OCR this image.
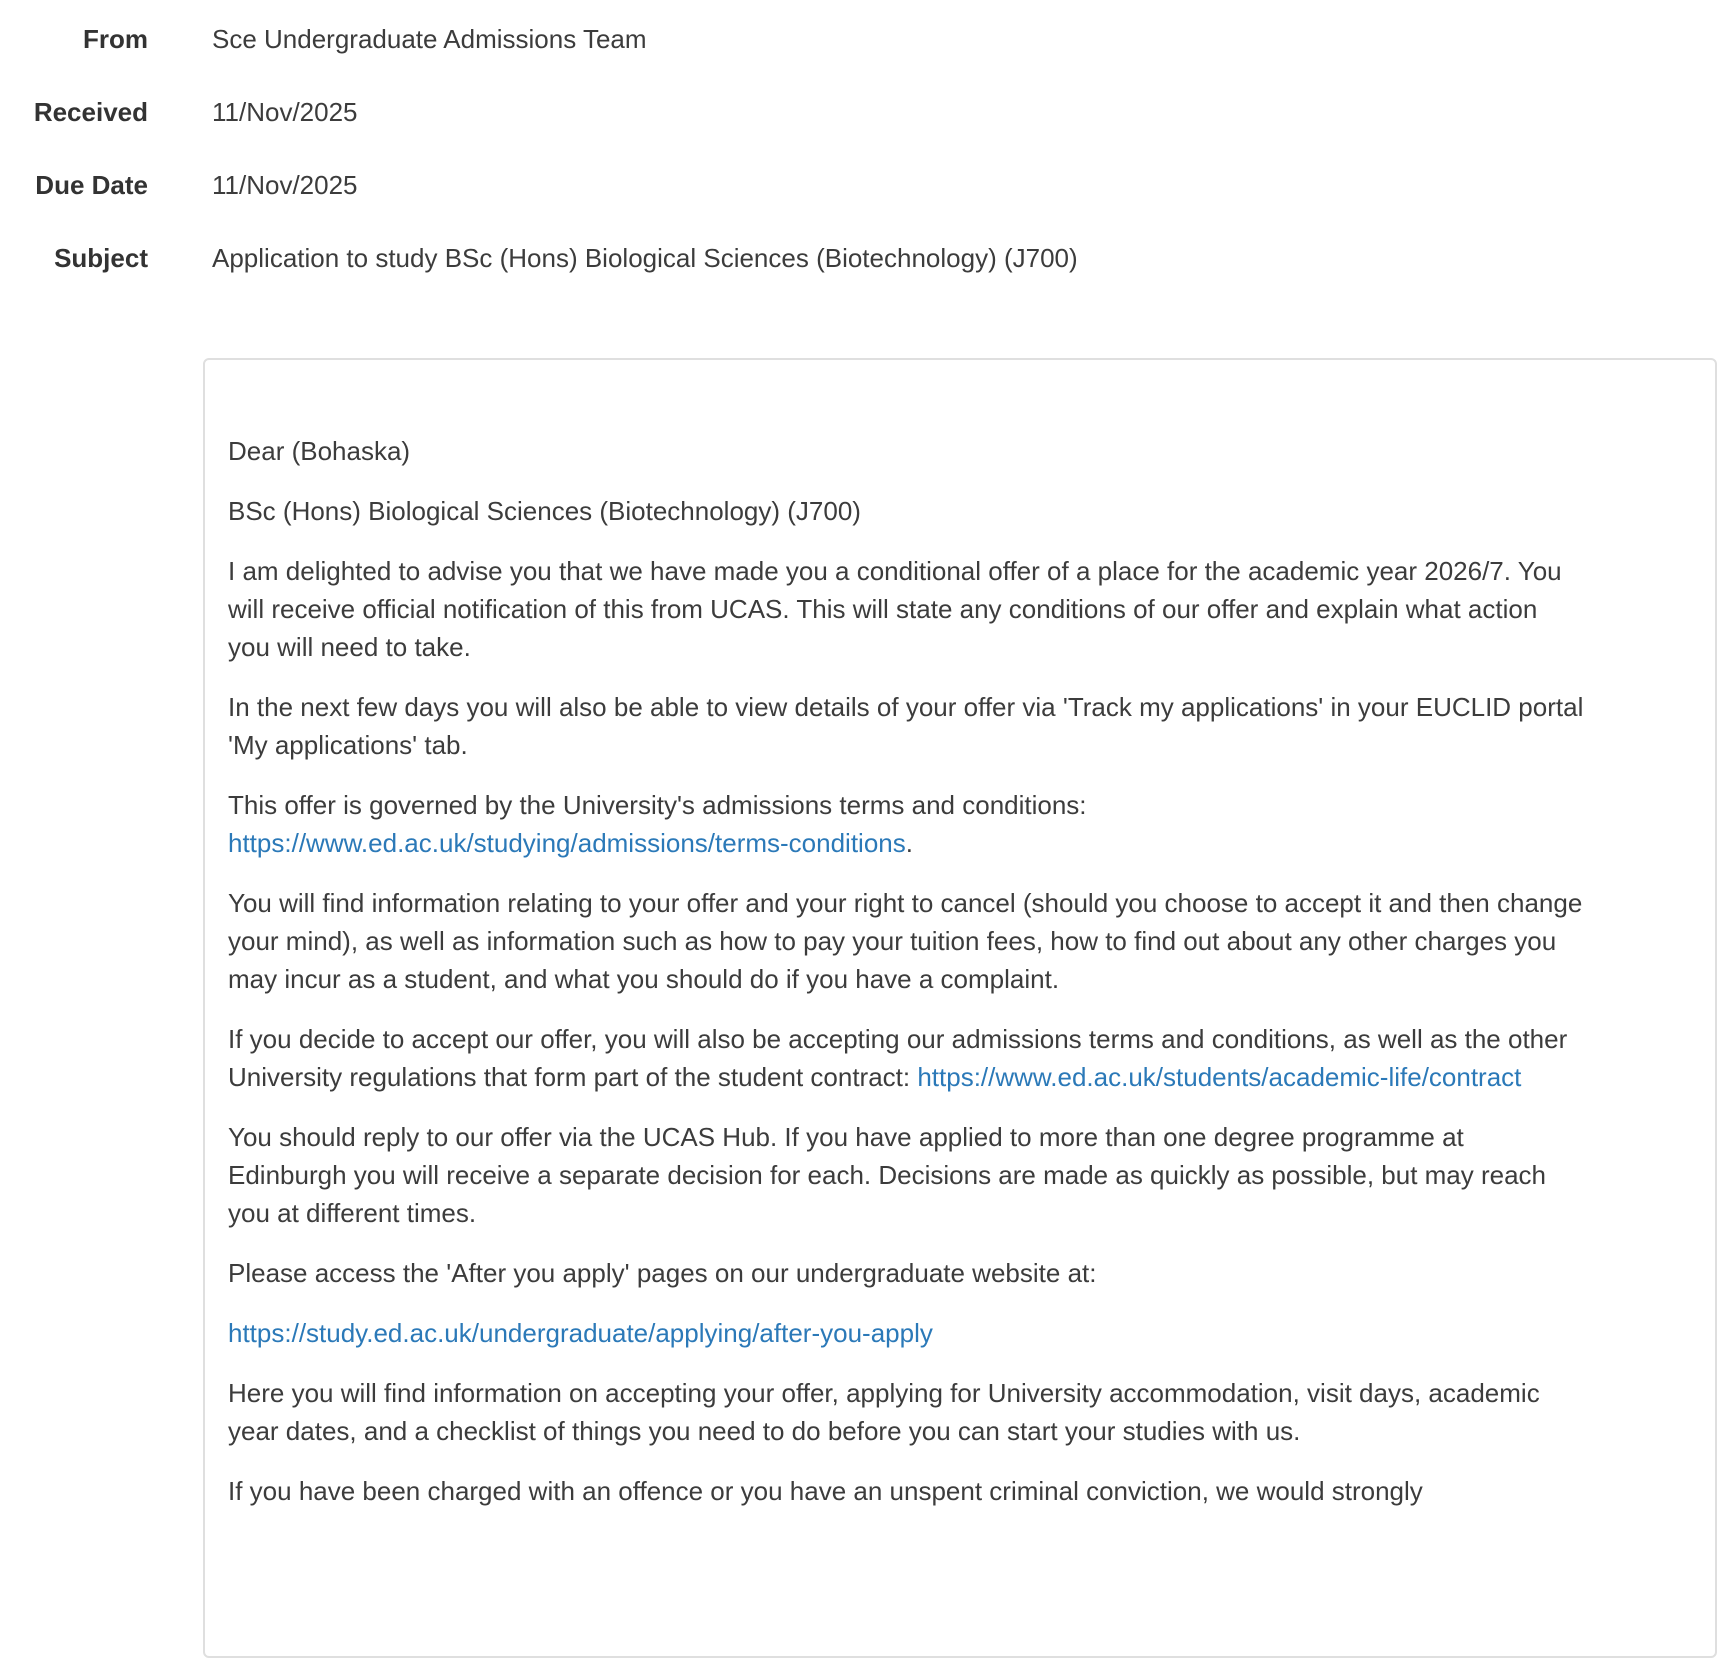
From Sce Undergraduate Admissions Team
Received 11/Nov/2025
Due Date 11/Nov/2025
Subject Application to study BSc (Hons) Biological Sciences (Biotechnology) (J700)

Dear (Bohaska)

BSc (Hons) Biological Sciences (Biotechnology) (J700)

I am delighted to advise you that we have made you a conditional offer of a place for the academic year 2026/7. You will receive official notification of this from UCAS. This will state any conditions of our offer and explain what action you will need to take.

In the next few days you will also be able to view details of your offer via 'Track my applications' in your EUCLID portal 'My applications' tab.

This offer is governed by the University's admissions terms and conditions: https://www.ed.ac.uk/studying/admissions/terms-conditions.

You will find information relating to your offer and your right to cancel (should you choose to accept it and then change your mind), as well as information such as how to pay your tuition fees, how to find out about any other charges you may incur as a student, and what you should do if you have a complaint.

If you decide to accept our offer, you will also be accepting our admissions terms and conditions, as well as the other University regulations that form part of the student contract: https://www.ed.ac.uk/students/academic-life/contract

You should reply to our offer via the UCAS Hub. If you have applied to more than one degree programme at Edinburgh you will receive a separate decision for each. Decisions are made as quickly as possible, but may reach you at different times.

Please access the 'After you apply' pages on our undergraduate website at:

https://study.ed.ac.uk/undergraduate/applying/after-you-apply

Here you will find information on accepting your offer, applying for University accommodation, visit days, academic year dates, and a checklist of things you need to do before you can start your studies with us.

If you have been charged with an offence or you have an unspent criminal conviction, we would strongly
